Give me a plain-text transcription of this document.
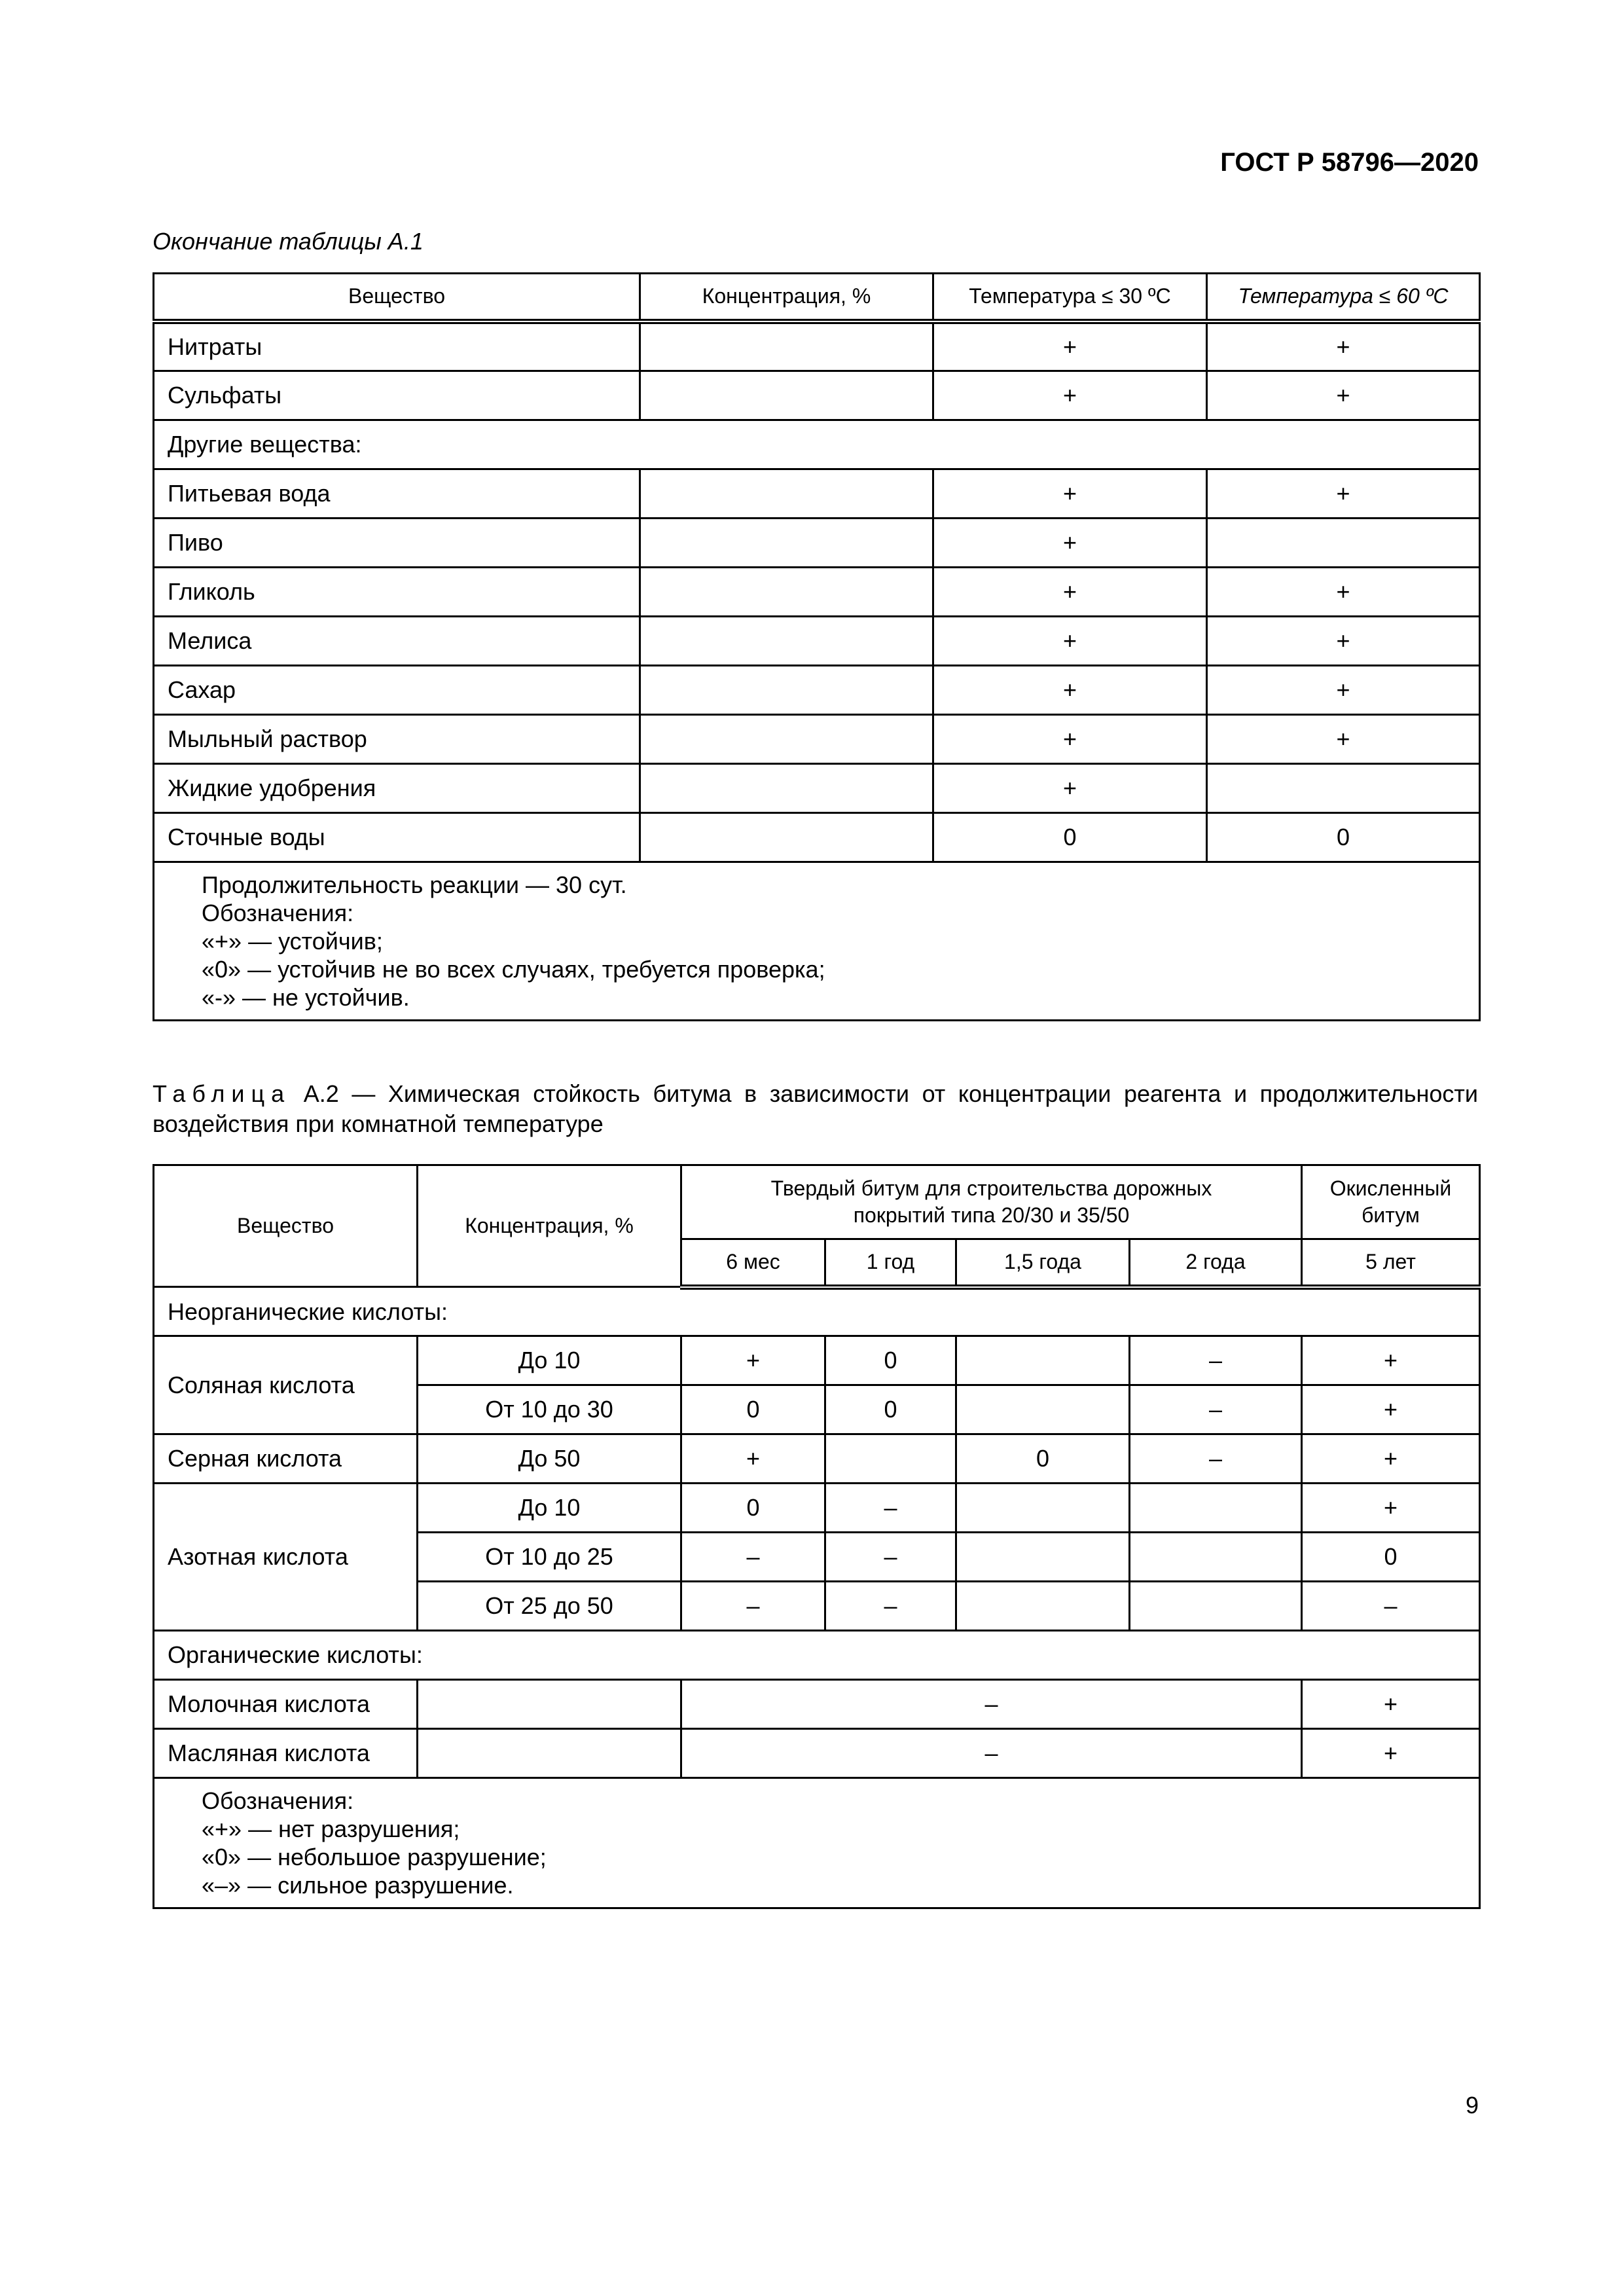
ГОСТ Р 58796—2020
Окончание таблицы А.1
Вещество	Концентрация, %	Температура ≤ 30 ºС	Температура ≤ 60 ºС
Нитраты		+	+
Сульфаты		+	+
Другие вещества:			
Питьевая вода		+	+
Пиво		+	
Гликоль		+	+
Мелиса		+	+
Сахар		+	+
Мыльный раствор		+	+
Жидкие удобрения		+	
Сточные воды		0	0

Продолжительность реакции — 30 сут.
Обозначения:
«+» — устойчив;
«0» — устойчив не во всех случаях, требуется проверка;
«-» — не устойчив.			
Таблица А.2 — Химическая стойкость битума в зависимости от концентрации реагента и продолжительности воздействия при комнатной температуре
Вещество	Концентрация, %	Твердый битум для строительства дорожных покрытий типа 20/30 и 35/50				Окисленный битум
		6 мес	1 год	1,5 года	2 года	5 лет
Неорганические кислоты:						
Соляная кислота	До 10	+	0		–	+
	От 10 до 30	0	0		–	+
Серная кислота	До 50	+		0	–	+
Азотная кислота	До 10	0	–			+
	От 10 до 25	–	–			0
	От 25 до 50	–	–			–
Органические кислоты:						
Молочная кислота		–				+
Масляная кислота		–				+

Обозначения:
«+» — нет разрушения;
«0» — небольшое разрушение;
«–» — сильное разрушение.						
9
